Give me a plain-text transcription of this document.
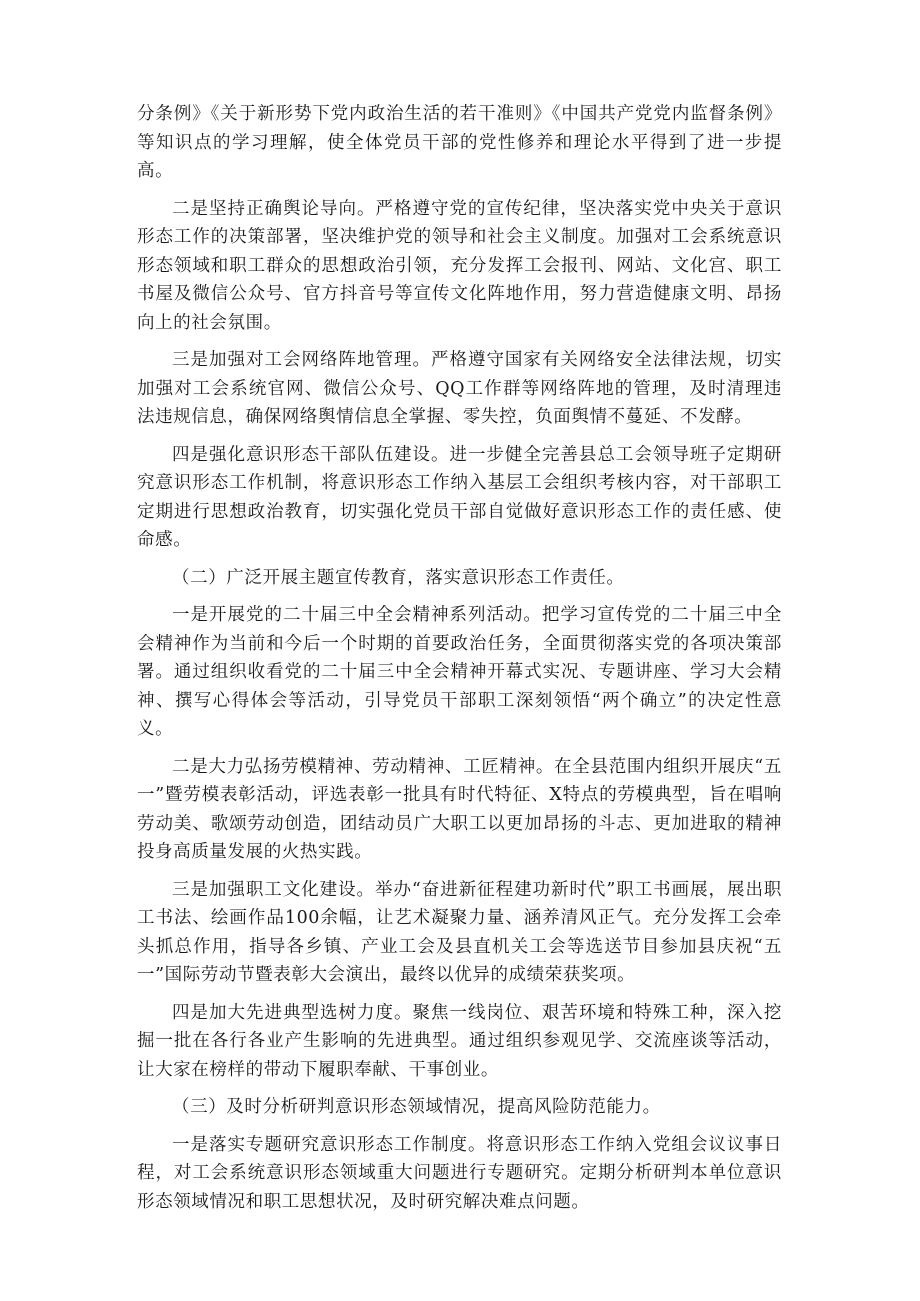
分条例》《关于新形势下党内政治生活的若干准则》《中国共产党党内监督条例》等知识点的学习理解，使全体党员干部的党性修养和理论水平得到了进一步提高。

二是坚持正确舆论导向。严格遵守党的宣传纪律，坚决落实党中央关于意识形态工作的决策部署，坚决维护党的领导和社会主义制度。加强对工会系统意识形态领域和职工群众的思想政治引领，充分发挥工会报刊、网站、文化宫、职工书屋及微信公众号、官方抖音号等宣传文化阵地作用，努力营造健康文明、昂扬向上的社会氛围。

三是加强对工会网络阵地管理。严格遵守国家有关网络安全法律法规，切实加强对工会系统官网、微信公众号、QQ工作群等网络阵地的管理，及时清理违法违规信息，确保网络舆情信息全掌握、零失控，负面舆情不蔓延、不发酵。

四是强化意识形态干部队伍建设。进一步健全完善县总工会领导班子定期研究意识形态工作机制，将意识形态工作纳入基层工会组织考核内容，对干部职工定期进行思想政治教育，切实强化党员干部自觉做好意识形态工作的责任感、使命感。

（二）广泛开展主题宣传教育，落实意识形态工作责任。

一是开展党的二十届三中全会精神系列活动。把学习宣传党的二十届三中全会精神作为当前和今后一个时期的首要政治任务，全面贯彻落实党的各项决策部署。通过组织收看党的二十届三中全会精神开幕式实况、专题讲座、学习大会精神、撰写心得体会等活动，引导党员干部职工深刻领悟“两个确立”的决定性意义。

二是大力弘扬劳模精神、劳动精神、工匠精神。在全县范围内组织开展庆“五一”暨劳模表彰活动，评选表彰一批具有时代特征、X特点的劳模典型，旨在唱响劳动美、歌颂劳动创造，团结动员广大职工以更加昂扬的斗志、更加进取的精神投身高质量发展的火热实践。

三是加强职工文化建设。举办“奋进新征程建功新时代”职工书画展，展出职工书法、绘画作品100余幅，让艺术凝聚力量、涵养清风正气。充分发挥工会牵头抓总作用，指导各乡镇、产业工会及县直机关工会等选送节目参加县庆祝“五一”国际劳动节暨表彰大会演出，最终以优异的成绩荣获奖项。

四是加大先进典型选树力度。聚焦一线岗位、艰苦环境和特殊工种，深入挖掘一批在各行各业产生影响的先进典型。通过组织参观见学、交流座谈等活动，让大家在榜样的带动下履职奉献、干事创业。

（三）及时分析研判意识形态领域情况，提高风险防范能力。

一是落实专题研究意识形态工作制度。将意识形态工作纳入党组会议议事日程，对工会系统意识形态领域重大问题进行专题研究。定期分析研判本单位意识形态领域情况和职工思想状况，及时研究解决难点问题。
